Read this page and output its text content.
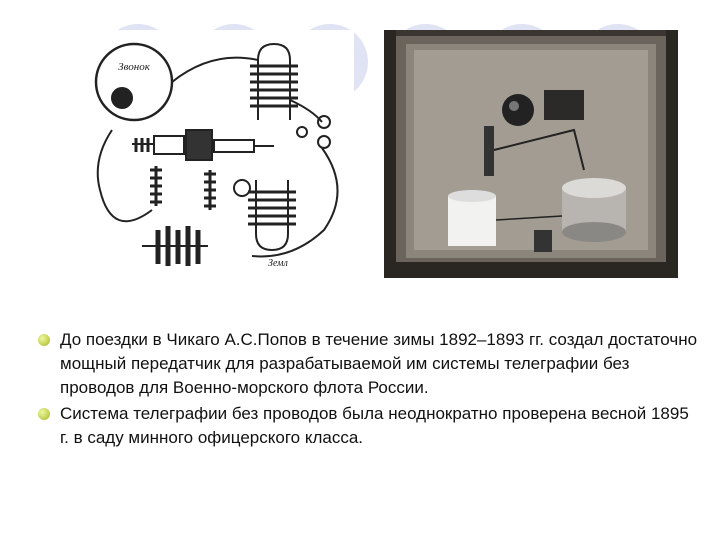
Звонок
Земл
До поездки в Чикаго А.С.Попов в течение зимы 1892–1893 гг. создал достаточно мощный передатчик для разрабатываемой им системы телеграфии без проводов для Военно-морского флота России.
Система телеграфии без проводов была неоднократно проверена весной 1895 г. в саду минного офицерского класса.
